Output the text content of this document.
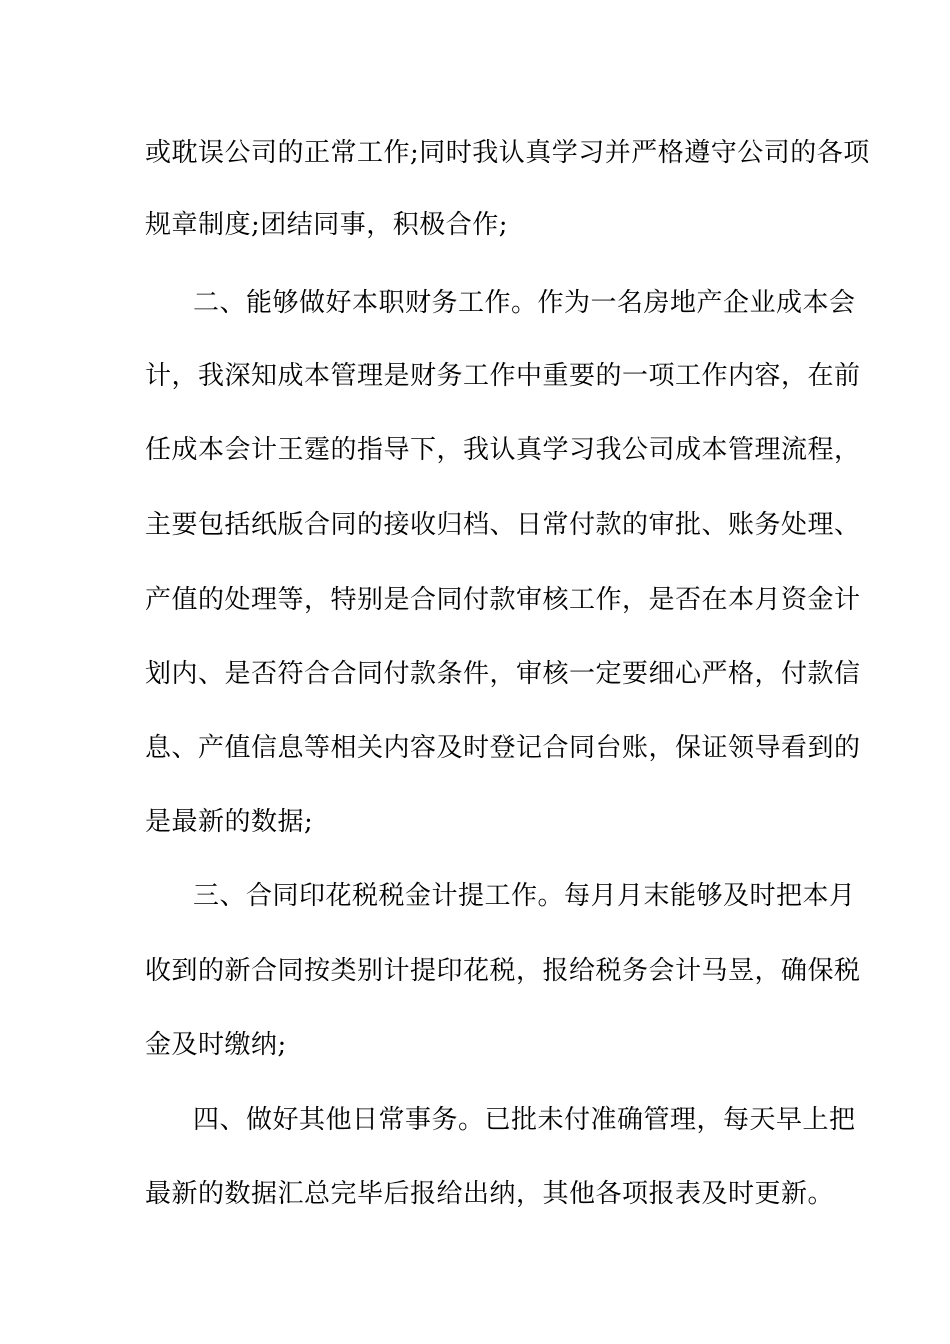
或耽误公司的正常工作;同时我认真学习并严格遵守公司的各项
规章制度;团结同事，积极合作;
二、能够做好本职财务工作。作为一名房地产企业成本会
计，我深知成本管理是财务工作中重要的一项工作内容，在前
任成本会计王霆的指导下，我认真学习我公司成本管理流程，
主要包括纸版合同的接收归档、日常付款的审批、账务处理、
产值的处理等，特别是合同付款审核工作，是否在本月资金计
划内、是否符合合同付款条件，审核一定要细心严格，付款信
息、产值信息等相关内容及时登记合同台账，保证领导看到的
是最新的数据;
三、合同印花税税金计提工作。每月月末能够及时把本月
收到的新合同按类别计提印花税，报给税务会计马昱，确保税
金及时缴纳;
四、做好其他日常事务。已批未付准确管理，每天早上把
最新的数据汇总完毕后报给出纳，其他各项报表及时更新。
